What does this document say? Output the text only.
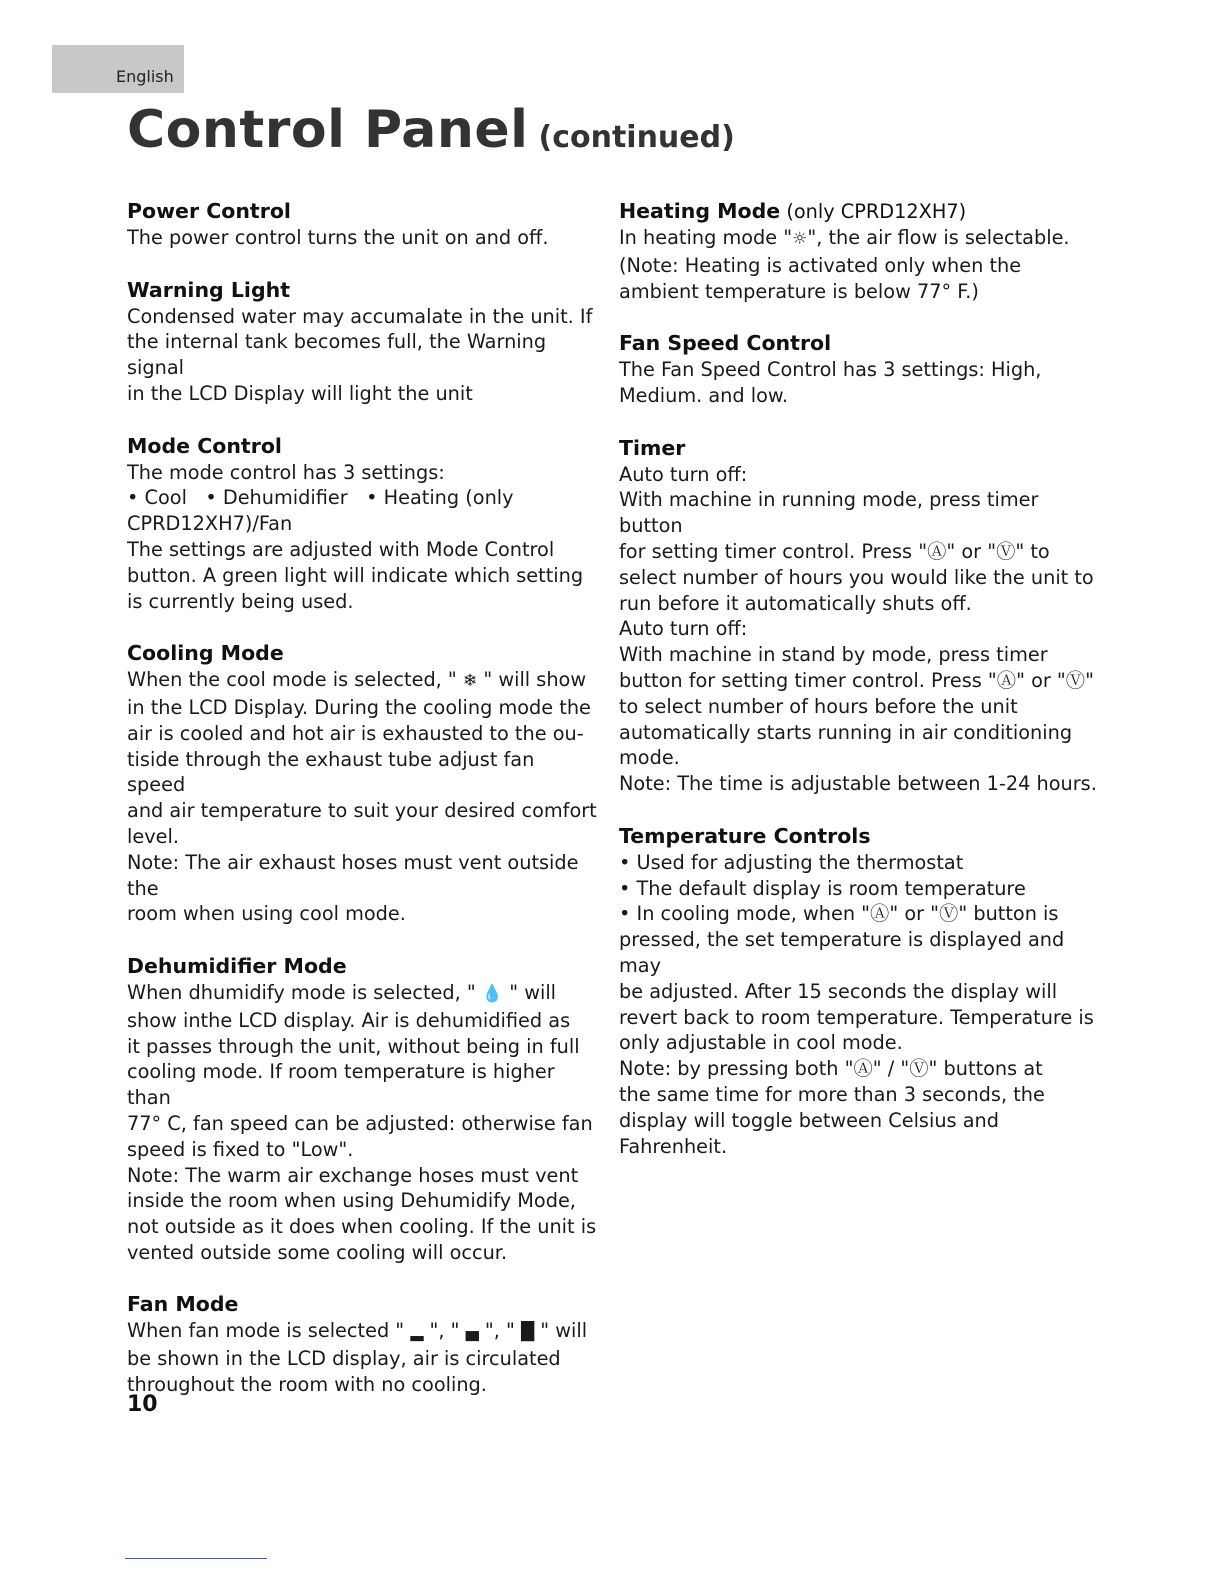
English
Control Panel (continued)
Power Control
The power control turns the unit on and off.
Warning Light
Condensed water may accumalate in the unit. If
the internal tank becomes full, the Warning signal
in the LCD Display will light the unit
Mode Control
The mode control has 3 settings:
• Cool • Dehumidifier • Heating (only
CPRD12XH7)/Fan
The settings are adjusted with Mode Control
button. A green light will indicate which setting
is currently being used.
Cooling Mode
When the cool mode is selected, " ❄ " will show
in the LCD Display. During the cooling mode the
air is cooled and hot air is exhausted to the ou-
tiside through the exhaust tube adjust fan speed
and air temperature to suit your desired comfort
level.
Note: The air exhaust hoses must vent outside the
room when using cool mode.
Dehumidifier Mode
When dhumidify mode is selected, " 💧 " will
show inthe LCD display. Air is dehumidified as
it passes through the unit, without being in full
cooling mode. If room temperature is higher than
77° C, fan speed can be adjusted: otherwise fan
speed is fixed to "Low".
Note: The warm air exchange hoses must vent
inside the room when using Dehumidify Mode,
not outside as it does when cooling. If the unit is
vented outside some cooling will occur.
Fan Mode
When fan mode is selected " ▂ ", " ▄ ", " █ " will
be shown in the LCD display, air is circulated
throughout the room with no cooling.
Heating Mode (only CPRD12XH7)
In heating mode "☼", the air flow is selectable.
(Note: Heating is activated only when the
ambient temperature is below 77° F.)
Fan Speed Control
The Fan Speed Control has 3 settings: High,
Medium. and low.
Timer
Auto turn off:
With machine in running mode, press timer button
for setting timer control. Press "Ⓐ" or "Ⓥ" to
select number of hours you would like the unit to
run before it automatically shuts off.
Auto turn off:
With machine in stand by mode, press timer
button for setting timer control. Press "Ⓐ" or "Ⓥ"
to select number of hours before the unit
automatically starts running in air conditioning
mode.
Note: The time is adjustable between 1-24 hours.
Temperature Controls
• Used for adjusting the thermostat
• The default display is room temperature
• In cooling mode, when "Ⓐ" or "Ⓥ" button is
pressed, the set temperature is displayed and may
be adjusted. After 15 seconds the display will
revert back to room temperature. Temperature is
only adjustable in cool mode.
Note: by pressing both "Ⓐ" / "Ⓥ" buttons at
the same time for more than 3 seconds, the
display will toggle between Celsius and
Fahrenheit.
10
